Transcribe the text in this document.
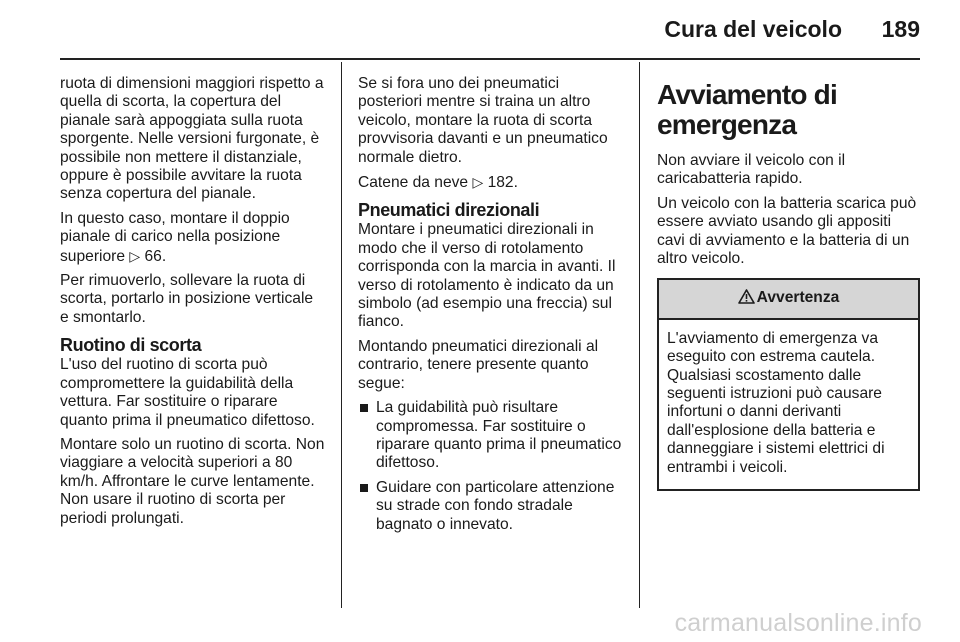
Cura del veicolo 189

ruota di dimensioni maggiori rispetto a quella di scorta, la copertura del pianale sarà appoggiata sulla ruota sporgente. Nelle versioni furgonate, è possibile non mettere il distanziale, oppure è possibile avvitare la ruota senza copertura del pianale.

In questo caso, montare il doppio pianale di carico nella posizione superiore ▷ 66.

Per rimuoverlo, sollevare la ruota di scorta, portarlo in posizione verticale e smontarlo.

Ruotino di scorta

L'uso del ruotino di scorta può compromettere la guidabilità della vettura. Far sostituire o riparare quanto prima il pneumatico difettoso.

Montare solo un ruotino di scorta. Non viaggiare a velocità superiori a 80 km/h. Affrontare le curve lentamente. Non usare il ruotino di scorta per periodi prolungati.

Se si fora uno dei pneumatici posteriori mentre si traina un altro veicolo, montare la ruota di scorta provvisoria davanti e un pneumatico normale dietro.

Catene da neve ▷ 182.

Pneumatici direzionali

Montare i pneumatici direzionali in modo che il verso di rotolamento corrisponda con la marcia in avanti. Il verso di rotolamento è indicato da un simbolo (ad esempio una freccia) sul fianco.

Montando pneumatici direzionali al contrario, tenere presente quanto segue:

La guidabilità può risultare compromessa. Far sostituire o riparare quanto prima il pneumatico difettoso.
Guidare con particolare attenzione su strade con fondo stradale bagnato o innevato.
Avviamento di emergenza

Non avviare il veicolo con il caricabatteria rapido.

Un veicolo con la batteria scarica può essere avviato usando gli appositi cavi di avviamento e la batteria di un altro veicolo.

Avvertenza
L'avviamento di emergenza va eseguito con estrema cautela. Qualsiasi scostamento dalle seguenti istruzioni può causare infortuni o danni derivanti dall'esplosione della batteria e danneggiare i sistemi elettrici di entrambi i veicoli.
carmanualsonline.info
